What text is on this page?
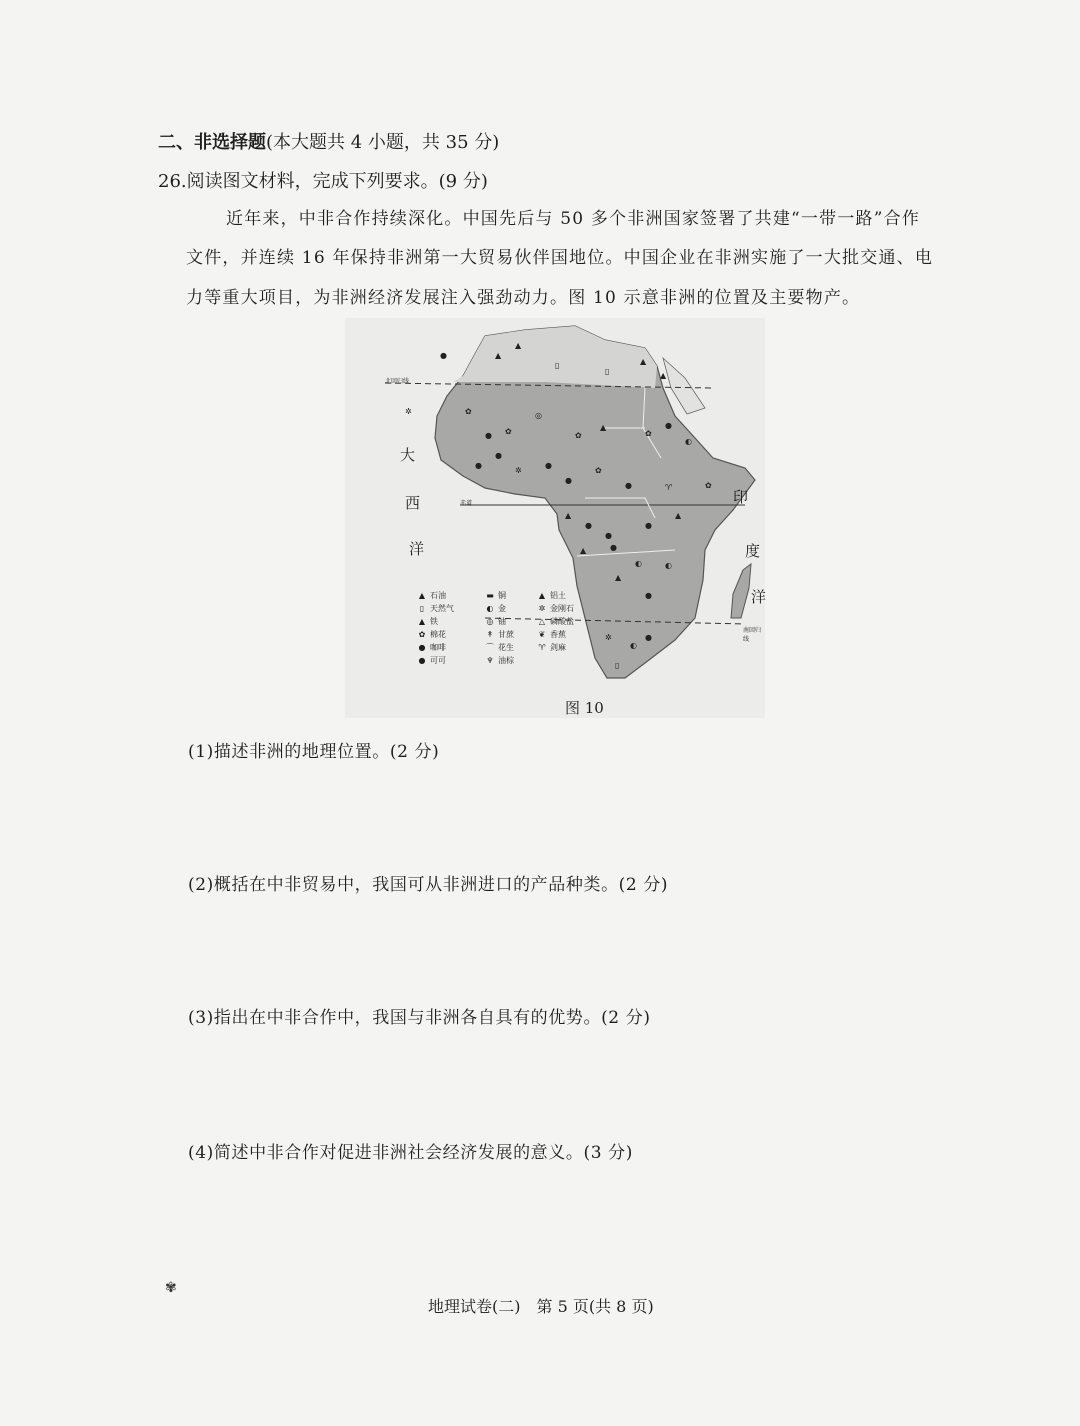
二、非选择题(本大题共 4 小题，共 35 分)
26.阅读图文材料，完成下列要求。(9 分)
近年来，中非合作持续深化。中国先后与 50 多个非洲国家签署了共建“一带一路”合作
文件，并连续 16 年保持非洲第一大贸易伙伴国地位。中国企业在非洲实施了一大批交通、电
力等重大项目，为非洲经济发展注入强劲动力。图 10 示意非洲的位置及主要物产。
▲
▲
▯
▯
▲
▲
✿
● ✿
◎
✿
▲
✿
●
◐
●
●
✲
●
●
✿
●	♈	✿
▲
●
●
●
▲
▲	●
◐	◐
▲
●
✲
◐
●
▯
●
✲
北回归线
赤道
南回归线
大
西
洋
印
度
洋
▲ 石油	▬ 铜	▲ 铝土
▯ 天然气	◐ 金	✲ 金刚石
▲ 铁	◎ 铀	△ 磷酸盐
✿ 棉花	↟ 甘蔗	❦ 香蕉
● 咖啡	⌒ 花生	♈ 剑麻
● 可可	♆ 油棕
图 10
(1)描述非洲的地理位置。(2 分)
(2)概括在中非贸易中，我国可从非洲进口的产品种类。(2 分)
(3)指出在中非合作中，我国与非洲各自具有的优势。(2 分)
(4)简述中非合作对促进非洲社会经济发展的意义。(3 分)
✾
地理试卷(二) 第 5 页(共 8 页)
